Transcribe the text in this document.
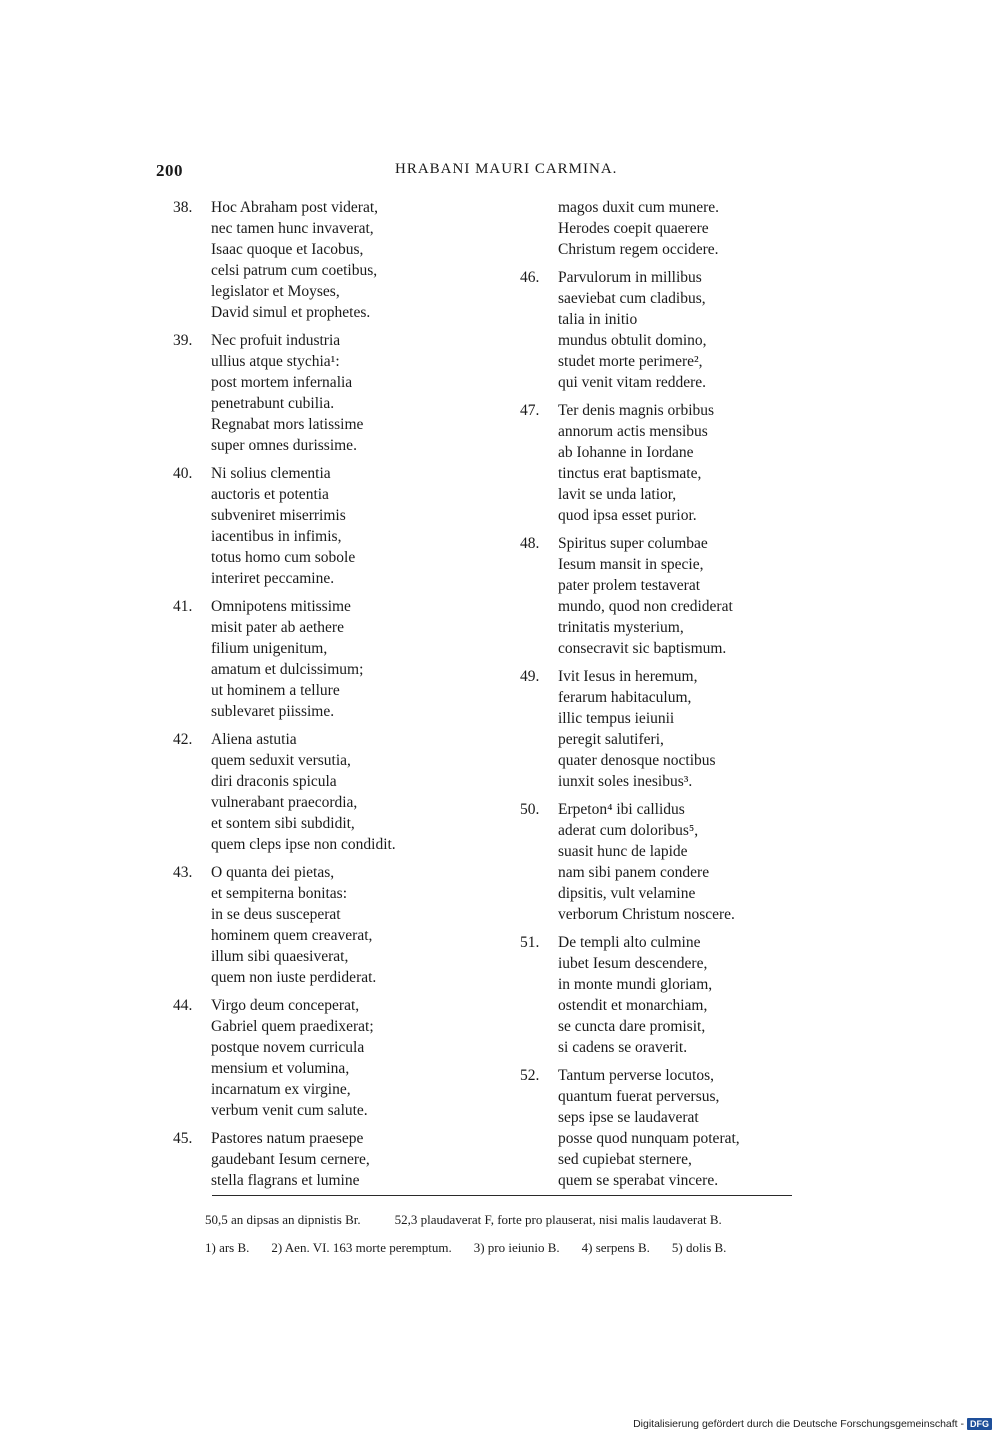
200	HRABANI MAURI CARMINA.
38.	Hoc Abraham post viderat,
nec tamen hunc invaverat,
Isaac quoque et Iacobus,
celsi patrum cum coetibus,
legislator et Moyses,
David simul et prophetes.
39.	Nec profuit industria
ullius atque stychia¹:
post mortem infernalia
penetrabunt cubilia.
Regnabat mors latissime
super omnes durissime.
40.	Ni solius clementia
auctoris et potentia
subveniret miserrimis
iacentibus in infimis,
totus homo cum sobole
interiret peccamine.
41.	Omnipotens mitissime
misit pater ab aethere
filium unigenitum,
amatum et dulcissimum;
ut hominem a tellure
sublevaret piissime.
42.	Aliena astutia
quem seduxit versutia,
diri draconis spicula
vulnerabant praecordia,
et sontem sibi subdidit,
quem cleps ipse non condidit.
43.	O quanta dei pietas,
et sempiterna bonitas:
in se deus susceperat
hominem quem creaverat,
illum sibi quaesiverat,
quem non iuste perdiderat.
44.	Virgo deum conceperat,
Gabriel quem praedixerat;
postque novem curricula
mensium et volumina,
incarnatum ex virgine,
verbum venit cum salute.
45.	Pastores natum praesepe
gaudebant Iesum cernere,
stella flagrans et lumine
magos duxit cum munere.
Herodes coepit quaerere
Christum regem occidere.
46.	Parvulorum in millibus
saeviebat cum cladibus,
talia in initio
mundus obtulit domino,
studet morte perimere²,
qui venit vitam reddere.
47.	Ter denis magnis orbibus
annorum actis mensibus
ab Iohanne in Iordane
tinctus erat baptismate,
lavit se unda latior,
quod ipsa esset purior.
48.	Spiritus super columbae
Iesum mansit in specie,
pater prolem testaverat
mundo, quod non crediderat
trinitatis mysterium,
consecravit sic baptismum.
49.	Ivit Iesus in heremum,
ferarum habitaculum,
illic tempus ieiunii
peregit salutiferi,
quater denosque noctibus
iunxit soles inesibus³.
50.	Erpeton⁴ ibi callidus
aderat cum doloribus⁵,
suasit hunc de lapide
nam sibi panem condere
dipsitis, vult velamine
verborum Christum noscere.
51.	De templi alto culmine
iubet Iesum descendere,
in monte mundi gloriam,
ostendit et monarchiam,
se cuncta dare promisit,
si cadens se oraverit.
52.	Tantum perverse locutos,
quantum fuerat perversus,
seps ipse se laudaverat
posse quod nunquam poterat,
sed cupiebat sternere,
quem se sperabat vincere.
50,5 an dipsas an dipnistis Br.	52,3 plaudaverat F, forte pro plauserat, nisi malis laudaverat B.
1) ars B. 2) Aen. VI. 163 morte peremptum. 3) pro ieiunio B. 4) serpens B. 5) dolis B.
Digitalisierung gefördert durch die Deutsche Forschungsgemeinschaft - DFG
